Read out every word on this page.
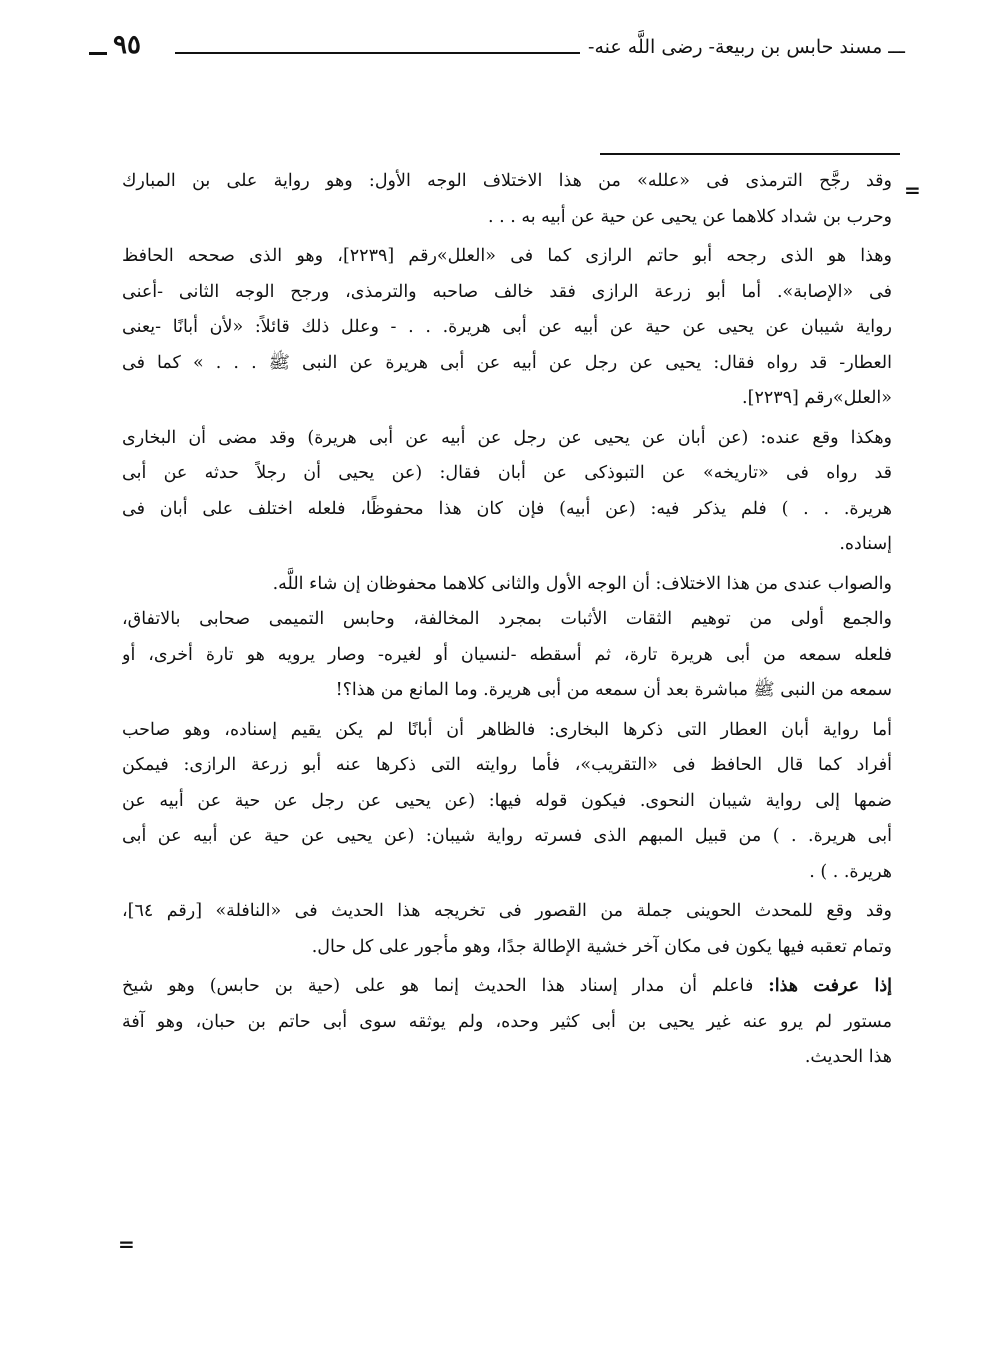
ـــ مسند حابس بن ربيعة- رضى اللَّه عنه-
٩٥
=

وقد رجَّح الترمذى فى «علله» من هذا الاختلاف الوجه الأول: وهو رواية على بن المبارك
وحرب بن شداد كلاهما عن يحيى عن حية عن أبيه به . . .

وهذا هو الذى رجحه أبو حاتم الرازى كما فى «العلل»رقم [٢٢٣٩]، وهو الذى صححه الحافظ
فى «الإصابة». أما أبو زرعة الرازى فقد خالف صاحبه والترمذى، ورجح الوجه الثانى -أعنى
رواية شيبان عن يحيى عن حية عن أبيه عن أبى هريرة. . . - وعلل ذلك قائلاً: «لأن أبانًا -يعنى
العطار- قد رواه فقال: يحيى عن رجل عن أبيه عن أبى هريرة عن النبى ﷺ . . . » كما فى
«العلل»رقم [٢٢٣٩].

وهكذا وقع عنده: (عن أبان عن يحيى عن رجل عن أبيه عن أبى هريرة) وقد مضى أن البخارى
قد رواه فى «تاريخه» عن التبوذكى عن أبان فقال: (عن يحيى أن رجلاً حدثه عن أبى
هريرة. . . ) فلم يذكر فيه: (عن أبيه) فإن كان هذا محفوظًا، فلعله اختلف على أبان فى
إسناده.

والصواب عندى من هذا الاختلاف: أن الوجه الأول والثانى كلاهما محفوظان إن شاء اللَّه.
والجمع أولى من توهيم الثقات الأثبات بمجرد المخالفة، وحابس التميمى صحابى بالاتفاق،
فلعله سمعه من أبى هريرة تارة، ثم أسقطه -لنسيان أو لغيره- وصار يرويه هو تارة أخرى، أو
سمعه من النبى ﷺ مباشرة بعد أن سمعه من أبى هريرة. وما المانع من هذا؟!

أما رواية أبان العطار التى ذكرها البخارى: فالظاهر أن أبانًا لم يكن يقيم إسناده، وهو صاحب
أفراد كما قال الحافظ فى «التقريب»، فأما روايته التى ذكرها عنه أبو زرعة الرازى: فيمكن
ضمها إلى رواية شيبان النحوى. فيكون قوله فيها: (عن يحيى عن رجل عن حية عن أبيه عن
أبى هريرة. . ) من قبيل المبهم الذى فسرته رواية شيبان: (عن يحيى عن حية عن أبيه عن أبى
هريرة. . ) .

وقد وقع للمحدث الحوينى جملة من القصور فى تخريجه هذا الحديث فى «النافلة» [رقم ٦٤]،
وتمام تعقبه فيها يكون فى مكان آخر خشية الإطالة جدًا، وهو مأجور على كل حال.

إذا عرفت هذا: فاعلم أن مدار إسناد هذا الحديث إنما هو على (حية بن حابس) وهو شيخ
مستور لم يرو عنه غير يحيى بن أبى كثير وحده، ولم يوثقه سوى أبى حاتم بن حبان، وهو آفة
هذا الحديث.

=
